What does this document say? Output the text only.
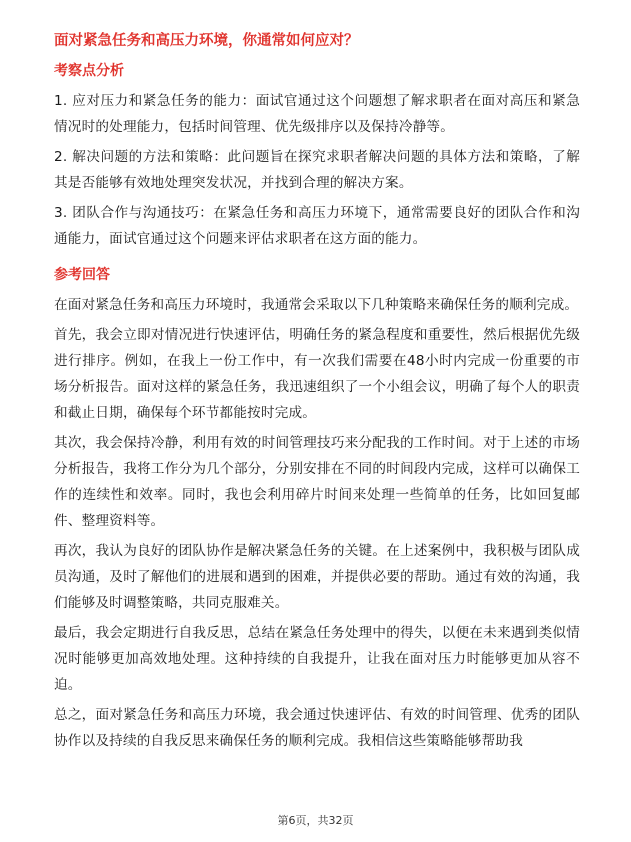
面对紧急任务和高压力环境，你通常如何应对？
考察点分析
1. 应对压力和紧急任务的能力：面试官通过这个问题想了解求职者在面对高压和紧急情况时的处理能力，包括时间管理、优先级排序以及保持冷静等。
2. 解决问题的方法和策略：此问题旨在探究求职者解决问题的具体方法和策略，了解其是否能够有效地处理突发状况，并找到合理的解决方案。
3. 团队合作与沟通技巧：在紧急任务和高压力环境下，通常需要良好的团队合作和沟通能力，面试官通过这个问题来评估求职者在这方面的能力。
参考回答
在面对紧急任务和高压力环境时，我通常会采取以下几种策略来确保任务的顺利完成。
首先，我会立即对情况进行快速评估，明确任务的紧急程度和重要性，然后根据优先级进行排序。例如，在我上一份工作中，有一次我们需要在48小时内完成一份重要的市场分析报告。面对这样的紧急任务，我迅速组织了一个小组会议，明确了每个人的职责和截止日期，确保每个环节都能按时完成。
其次，我会保持冷静，利用有效的时间管理技巧来分配我的工作时间。对于上述的市场分析报告，我将工作分为几个部分，分别安排在不同的时间段内完成，这样可以确保工作的连续性和效率。同时，我也会利用碎片时间来处理一些简单的任务，比如回复邮件、整理资料等。
再次，我认为良好的团队协作是解决紧急任务的关键。在上述案例中，我积极与团队成员沟通，及时了解他们的进展和遇到的困难，并提供必要的帮助。通过有效的沟通，我们能够及时调整策略，共同克服难关。
最后，我会定期进行自我反思，总结在紧急任务处理中的得失，以便在未来遇到类似情况时能够更加高效地处理。这种持续的自我提升，让我在面对压力时能够更加从容不迫。
总之，面对紧急任务和高压力环境，我会通过快速评估、有效的时间管理、优秀的团队协作以及持续的自我反思来确保任务的顺利完成。我相信这些策略能够帮助我
第6页，共32页
